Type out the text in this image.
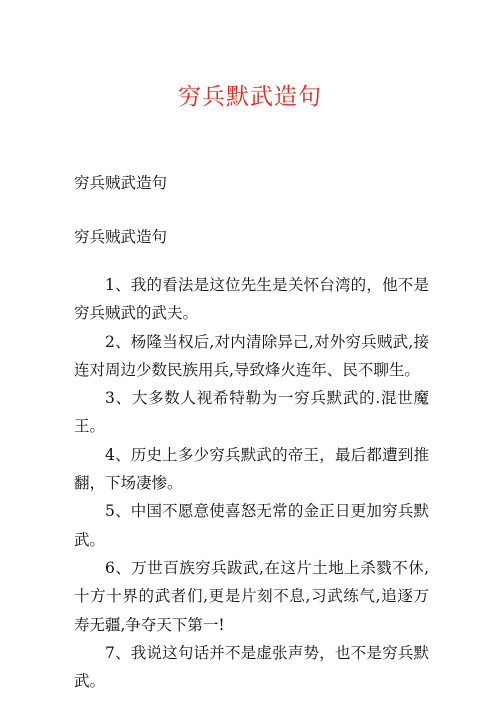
穷兵默武造句
穷兵贼武造句
穷兵贼武造句

1、我的看法是这位先生是关怀台湾的，他不是穷兵贼武的武夫。

2、杨隆当权后,对内清除异己,对外穷兵贼武,接连对周边少数民族用兵,导致烽火连年、民不聊生。

3、大多数人视希特勒为一穷兵默武的.混世魔王。

4、历史上多少穷兵默武的帝王，最后都遭到推翻，下场凄惨。

5、中国不愿意使喜怒无常的金正日更加穷兵默武。

6、万世百族穷兵跋武,在这片土地上杀戮不休,十方十界的武者们,更是片刻不息,习武练气,追逐万寿无疆,争夺天下第一!

7、我说这句话并不是虚张声势，也不是穷兵默武。
